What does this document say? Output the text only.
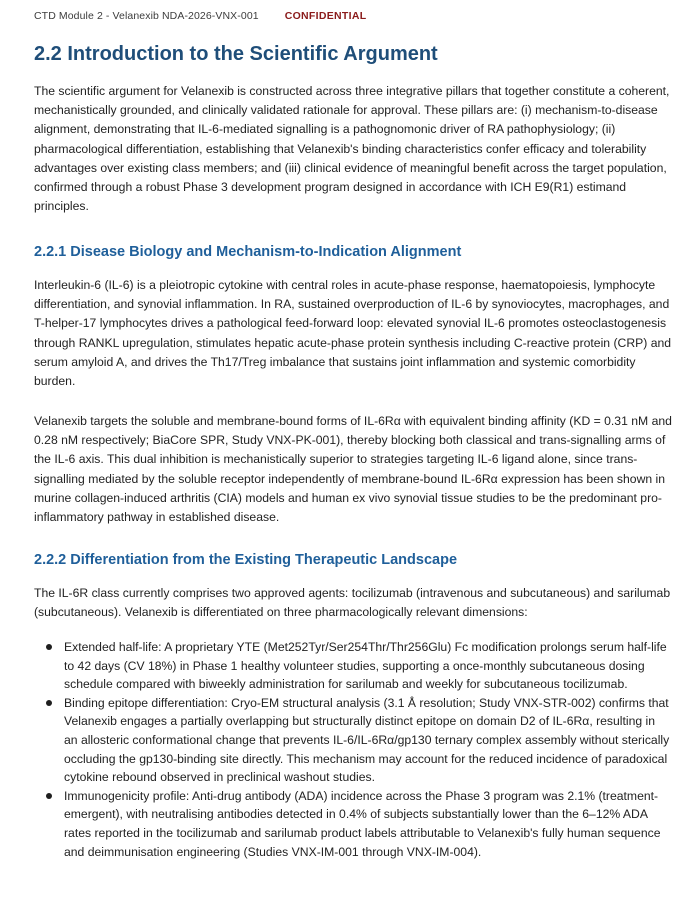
CTD Module 2 - Velanexib NDA-2026-VNX-001 CONFIDENTIAL
2.2 Introduction to the Scientific Argument

The scientific argument for Velanexib is constructed across three integrative pillars that together constitute a coherent, mechanistically grounded, and clinically validated rationale for approval. These pillars are: (i) mechanism-to-disease alignment, demonstrating that IL-6-mediated signalling is a pathognomonic driver of RA pathophysiology; (ii) pharmacological differentiation, establishing that Velanexib's binding characteristics confer efficacy and tolerability advantages over existing class members; and (iii) clinical evidence of meaningful benefit across the target population, confirmed through a robust Phase 3 development program designed in accordance with ICH E9(R1) estimand principles.

2.2.1 Disease Biology and Mechanism-to-Indication Alignment

Interleukin-6 (IL-6) is a pleiotropic cytokine with central roles in acute-phase response, haematopoiesis, lymphocyte differentiation, and synovial inflammation. In RA, sustained overproduction of IL-6 by synoviocytes, macrophages, and T-helper-17 lymphocytes drives a pathological feed-forward loop: elevated synovial IL-6 promotes osteoclastogenesis through RANKL upregulation, stimulates hepatic acute-phase protein synthesis including C-reactive protein (CRP) and serum amyloid A, and drives the Th17/Treg imbalance that sustains joint inflammation and systemic comorbidity burden.

Velanexib targets the soluble and membrane-bound forms of IL-6Rα with equivalent binding affinity (KD = 0.31 nM and 0.28 nM respectively; BiaCore SPR, Study VNX-PK-001), thereby blocking both classical and trans-signalling arms of the IL-6 axis. This dual inhibition is mechanistically superior to strategies targeting IL-6 ligand alone, since trans-signalling mediated by the soluble receptor independently of membrane-bound IL-6Rα expression has been shown in murine collagen-induced arthritis (CIA) models and human ex vivo synovial tissue studies to be the predominant pro-inflammatory pathway in established disease.

2.2.2 Differentiation from the Existing Therapeutic Landscape

The IL-6R class currently comprises two approved agents: tocilizumab (intravenous and subcutaneous) and sarilumab (subcutaneous). Velanexib is differentiated on three pharmacologically relevant dimensions:

Extended half-life: A proprietary YTE (Met252Tyr/Ser254Thr/Thr256Glu) Fc modification prolongs serum half-life to 42 days (CV 18%) in Phase 1 healthy volunteer studies, supporting a once-monthly subcutaneous dosing schedule compared with biweekly administration for sarilumab and weekly for subcutaneous tocilizumab.
Binding epitope differentiation: Cryo-EM structural analysis (3.1 Å resolution; Study VNX-STR-002) confirms that Velanexib engages a partially overlapping but structurally distinct epitope on domain D2 of IL-6Rα, resulting in an allosteric conformational change that prevents IL-6/IL-6Rα/gp130 ternary complex assembly without sterically occluding the gp130-binding site directly. This mechanism may account for the reduced incidence of paradoxical cytokine rebound observed in preclinical washout studies.
Immunogenicity profile: Anti-drug antibody (ADA) incidence across the Phase 3 program was 2.1% (treatment-emergent), with neutralising antibodies detected in 0.4% of subjects substantially lower than the 6–12% ADA rates reported in the tocilizumab and sarilumab product labels attributable to Velanexib's fully human sequence and deimmunisation engineering (Studies VNX-IM-001 through VNX-IM-004).
